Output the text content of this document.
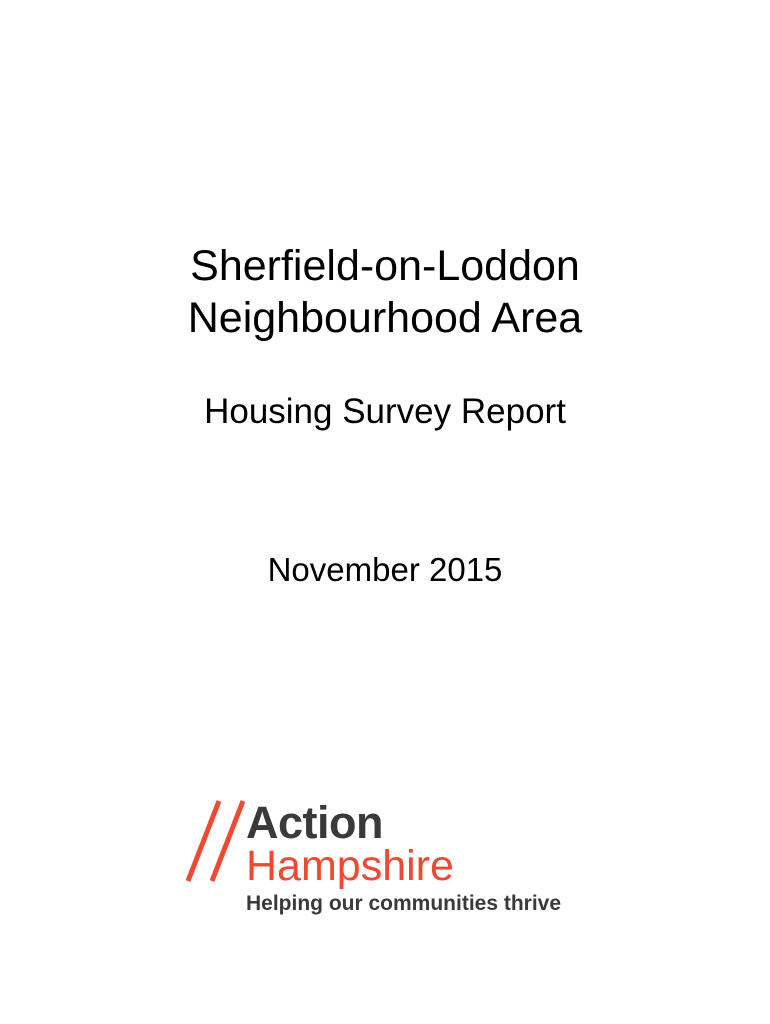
Sherfield-on-Loddon
Neighbourhood Area
Housing Survey Report
November 2015
Action
Hampshire
Helping our communities thrive
